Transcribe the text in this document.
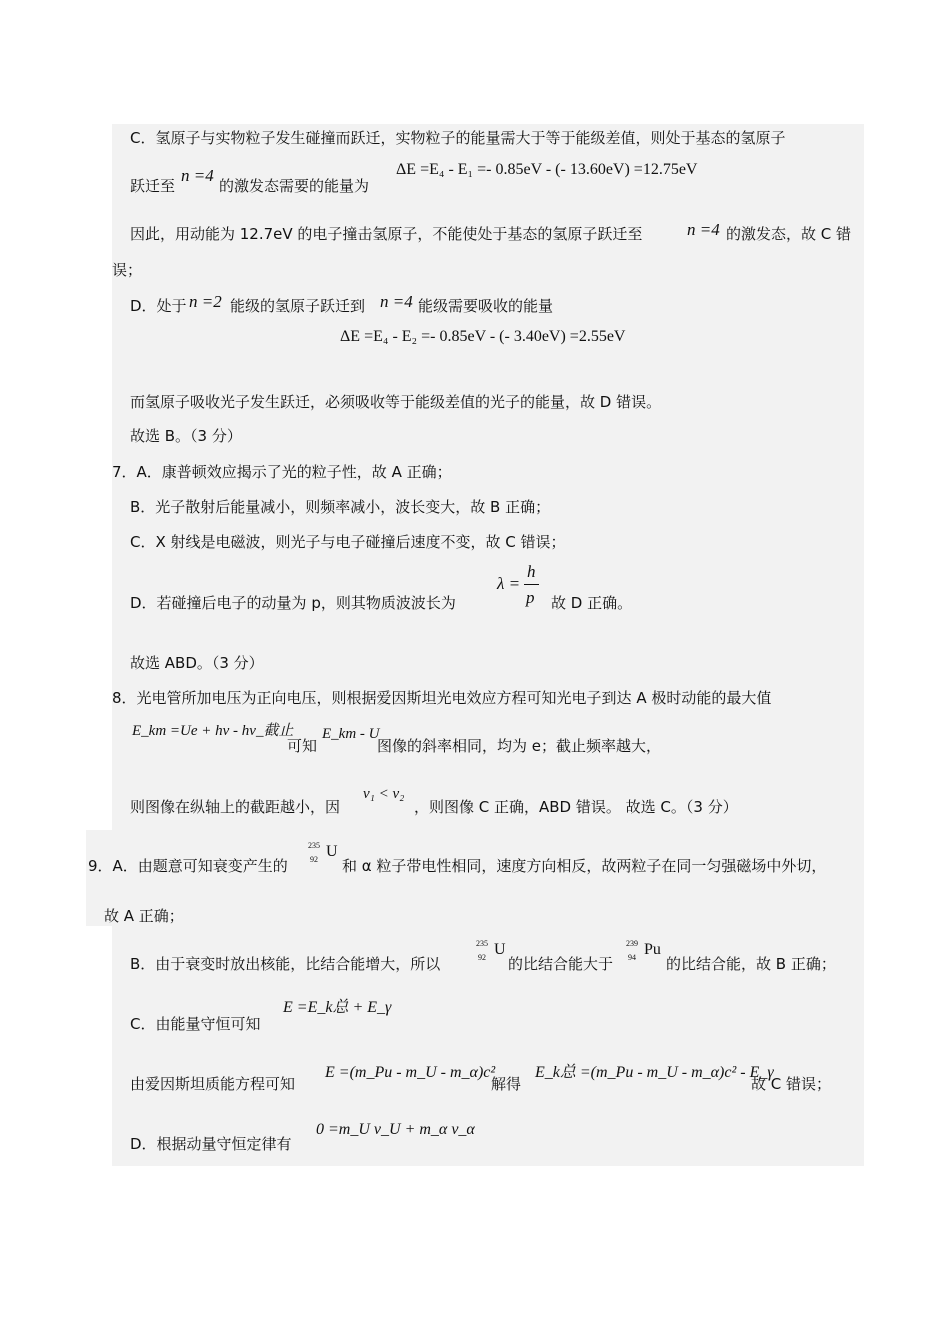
C．氢原子与实物粒子发生碰撞而跃迁，实物粒子的能量需大于等于能级差值，则处于基态的氢原子
跃迁至
n =4
的激发态需要的能量为
ΔE =E₄ - E₁ =- 0.85eV - (- 13.60eV) =12.75eV
因此，用动能为 12.7eV 的电子撞击氢原子，不能使处于基态的氢原子跃迁至	n =4 的激发态，故 C 错
误；
D．处于 n =2 能级的氢原子跃迁到 n =4 能级需要吸收的能量
ΔE =E₄ - E₂ =- 0.85eV - (- 3.40eV) =2.55eV
而氢原子吸收光子发生跃迁，必须吸收等于能级差值的光子的能量，故 D 错误。
故选 B。（3 分）
7．A．康普顿效应揭示了光的粒子性，故 A 正确；
B．光子散射后能量减小，则频率减小，波长变大，故 B 正确；
C．X 射线是电磁波，则光子与电子碰撞后速度不变，故 C 错误；
D．若碰撞后电子的动量为 p，则其物质波波长为
λ =
h
p 故 D 正确。
故选 ABD。（3 分）
8．光电管所加电压为正向电压，则根据爱因斯坦光电效应方程可知光电子到达 A 极时动能的最大值
E_km =Ue + hν - hν_截止
可知
E_km - U
图像的斜率相同，均为 e；截止频率越大，
则图像在纵轴上的截距越小，因
ν₁ < ν₂
，则图像 C 正确，ABD 错误。 故选 C。（3 分）
9．A．由题意可知衰变产生的
235
92 U
和 α 粒子带电性相同，速度方向相反，故两粒子在同一匀强磁场中外切，
故 A 正确；
B．由于衰变时放出核能，比结合能增大，所以
235
92 U
的比结合能大于
239
94 Pu
的比结合能，故 B 正确；
C．由能量守恒可知
E =E_k总 + E_γ
由爱因斯坦质能方程可知
E =(m_Pu - m_U - m_α)c²
解得
E_k总 =(m_Pu - m_U - m_α)c² - E_γ
故 C 错误；
D．根据动量守恒定律有
0 =m_U v_U + m_α v_α
